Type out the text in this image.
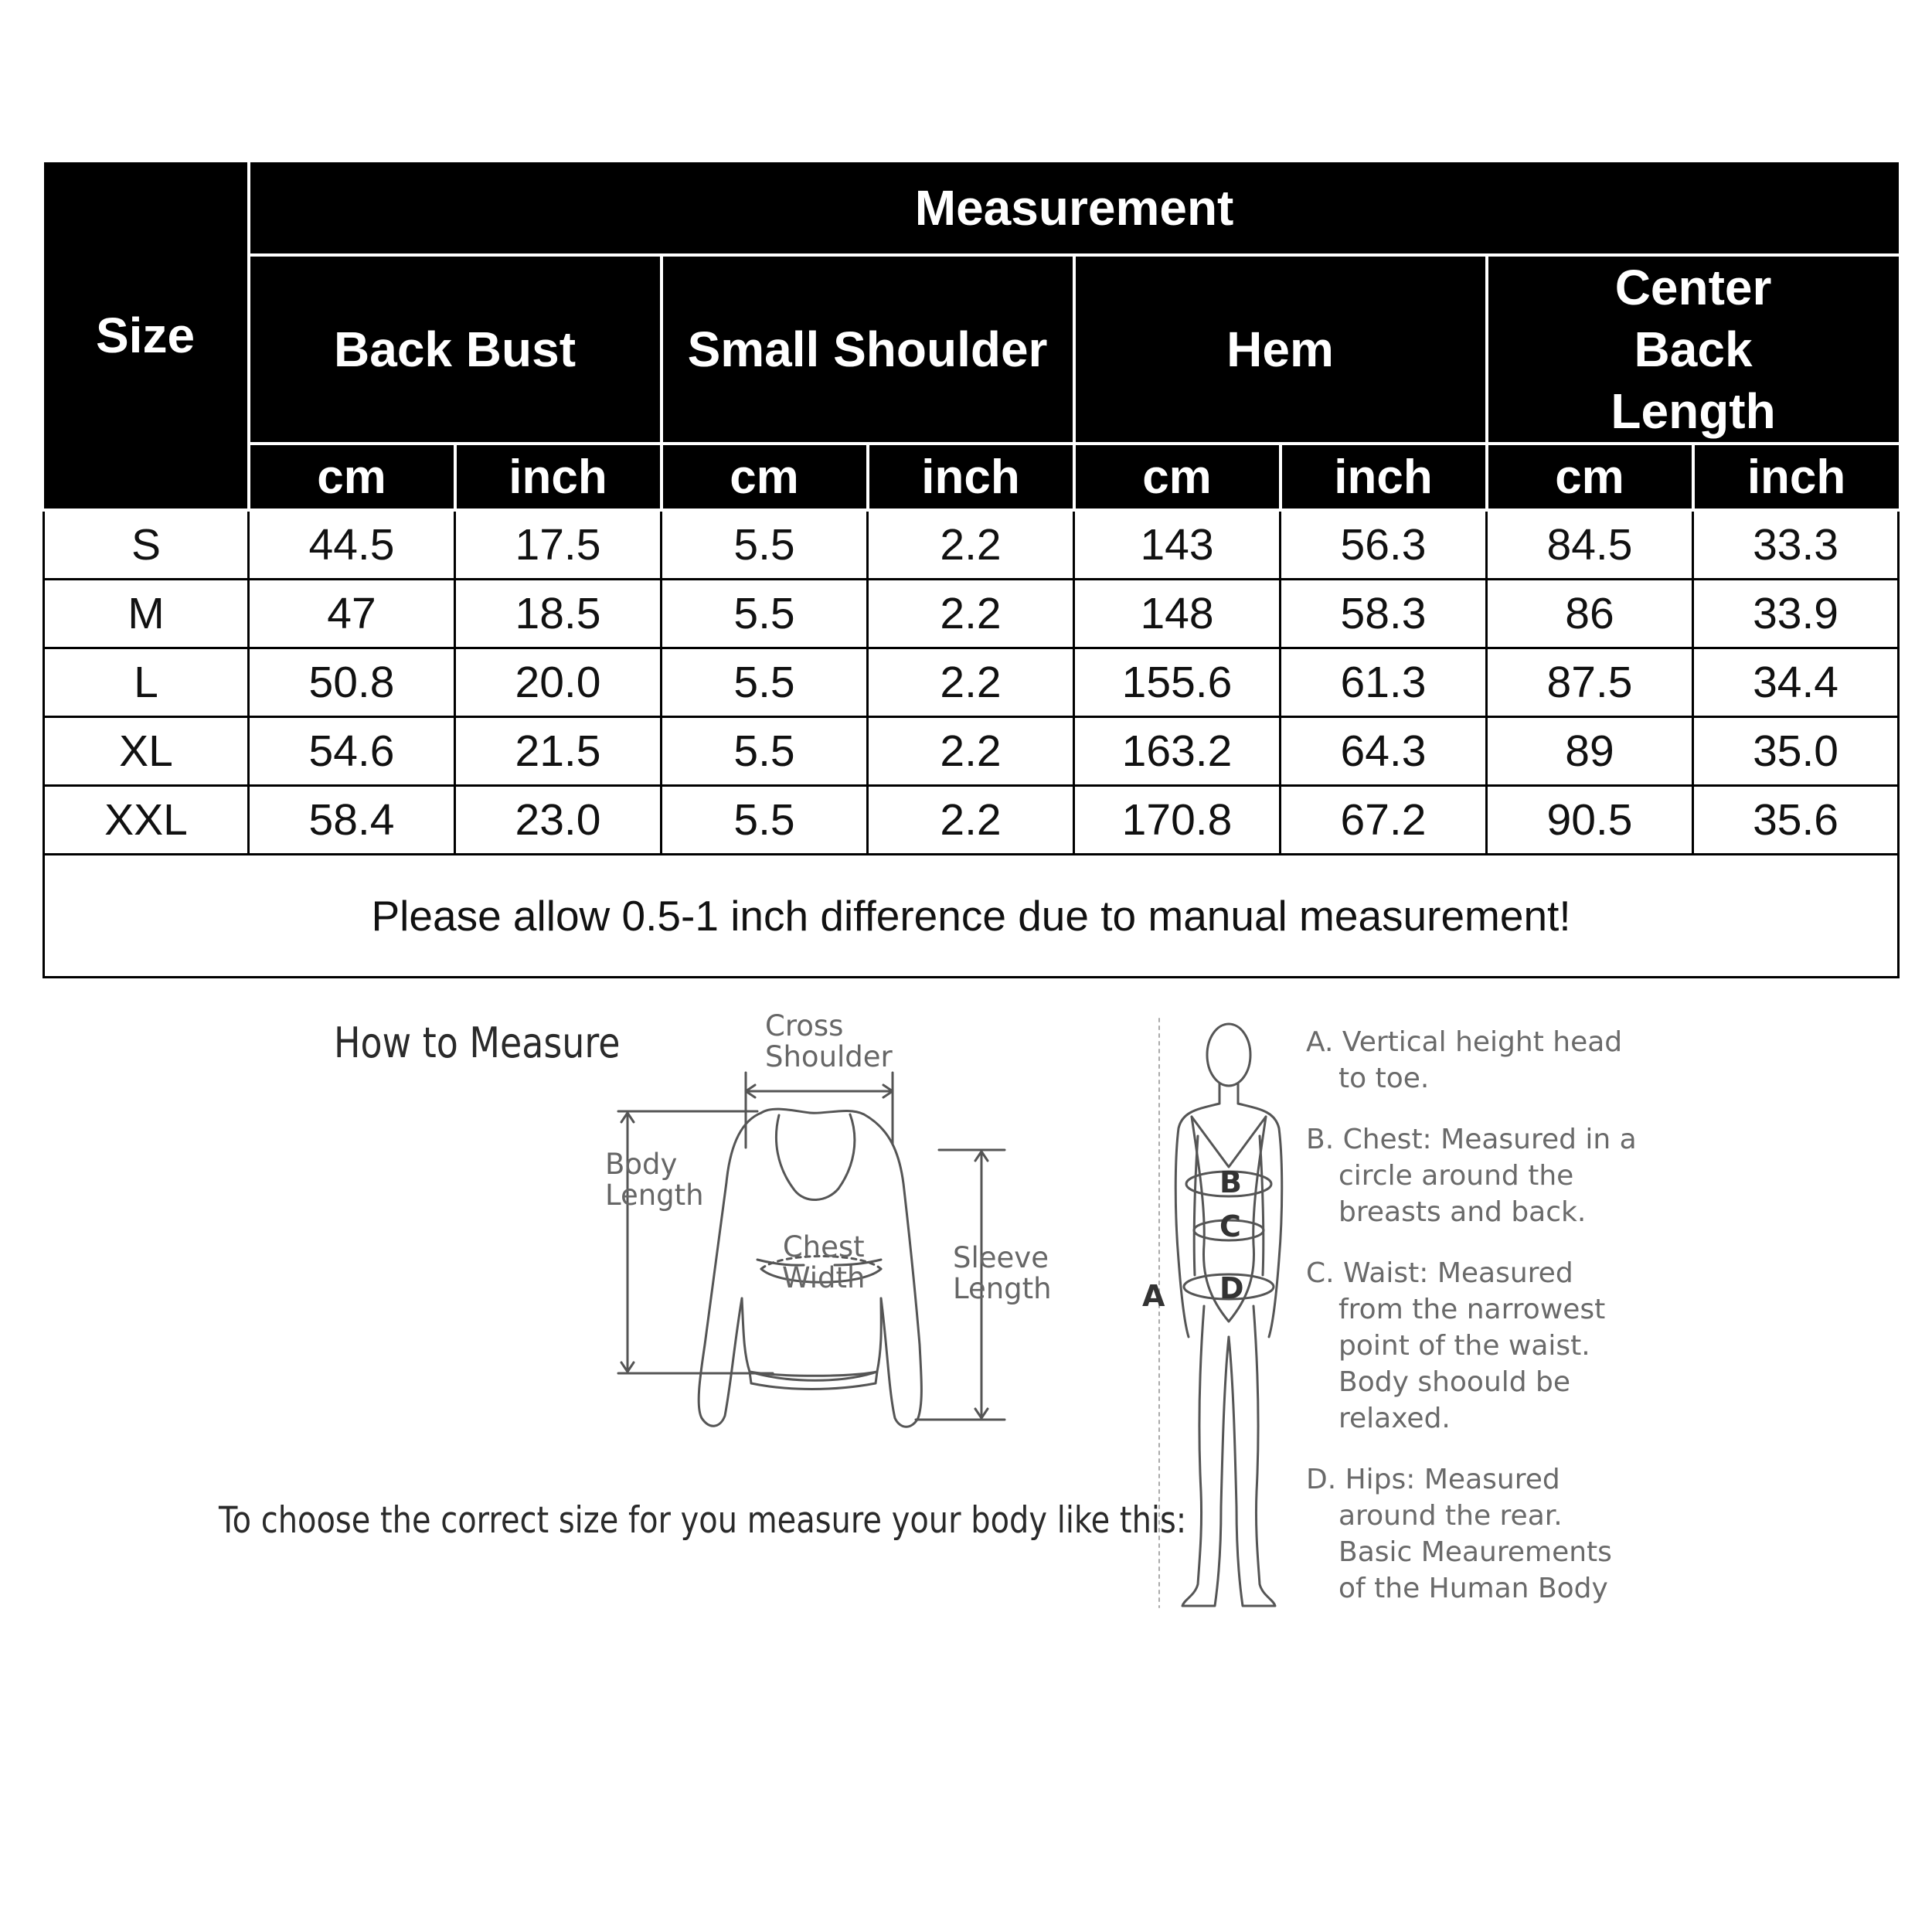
Size	Measurement							
	Back Bust		Small Shoulder		Hem		Center Back Length	
	cm	inch	cm	inch	cm	inch	cm	inch
S	44.5	17.5	5.5	2.2	143	56.3	84.5	33.3
M	47	18.5	5.5	2.2	148	58.3	86	33.9
L	50.8	20.0	5.5	2.2	155.6	61.3	87.5	34.4
XL	54.6	21.5	5.5	2.2	163.2	64.3	89	35.0
XXL	58.4	23.0	5.5	2.2	170.8	67.2	90.5	35.6
Please allow 0.5-1 inch difference due to manual measurement!								
How to Measure	Cross
Shoulder
Body
Length
Chest
Width
Sleeve
Length
To choose the correct size for you measure your body like this:
B
C
A D
A. Vertical height head
to toe.
B. Chest: Measured in a
circle around the
breasts and back.
C. Waist: Measured
from the narrowest
point of the waist.
Body shoould be
relaxed.
D. Hips: Measured
around the rear.
Basic Meaurements
of the Human Body
